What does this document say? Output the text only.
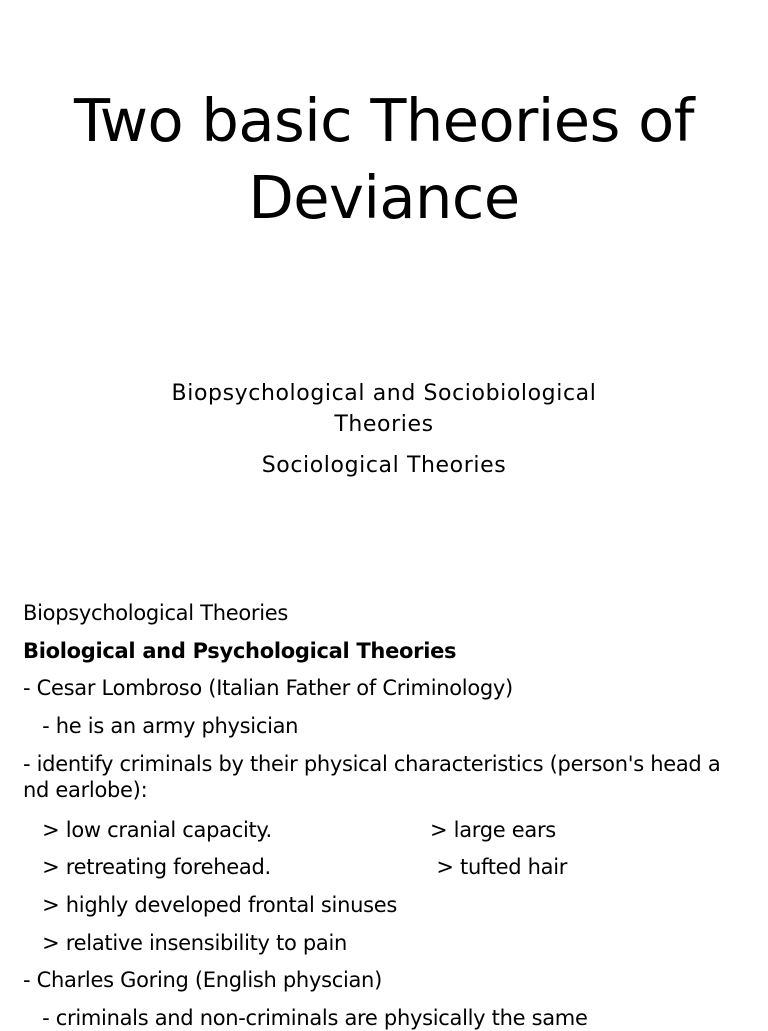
Two basic Theories of Deviance
Biopsychological and Sociobiological Theories
Sociological Theories
Biopsychological Theories
Biological and Psychological Theories
- Cesar Lombroso (Italian Father of Criminology)
- he is an army physician
- identify criminals by their physical characteristics (person's head a nd earlobe):
> low cranial capacity.	> large ears
> retreating forehead.	> tufted hair
> highly developed frontal sinuses
> relative insensibility to pain
- Charles Goring (English physcian)
- criminals and non-criminals are physically the same
